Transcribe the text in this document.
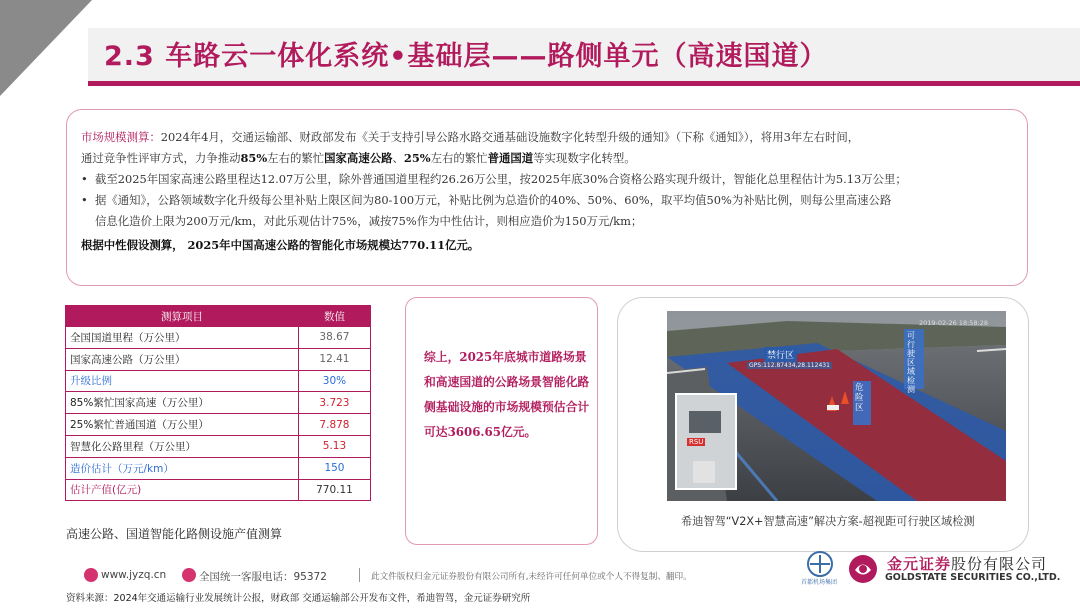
2.3 车路云一体化系统•基础层——路侧单元（高速国道）
市场规模测算：2024年4月，交通运输部、财政部发布《关于支持引导公路水路交通基础设施数字化转型升级的通知》（下称《通知》），将用3年左右时间，
通过竞争性评审方式，力争推动85%左右的繁忙国家高速公路、25%左右的繁忙普通国道等实现数字化转型。
• 截至2025年国家高速公路里程达12.07万公里，除外普通国道里程约26.26万公里，按2025年底30%合资格公路实现升级计，智能化总里程估计为5.13万公里；
• 据《通知》，公路领域数字化升级每公里补贴上限区间为80-100万元，补贴比例为总造价的40%、50%、60%，取平均值50%为补贴比例，则每公里高速公路
信息化造价上限为200万元/km，对此乐观估计75%，减按75%作为中性估计，则相应造价为150万元/km；
根据中性假设测算， 2025年中国高速公路的智能化市场规模达770.11亿元。
测算项目	数值
全国国道里程（万公里）	38.67
国家高速公路（万公里）	12.41
升级比例	30%
85%繁忙国家高速（万公里）	3.723
25%繁忙普通国道（万公里）	7.878
智慧化公路里程（万公里）	5.13
造价估计（万元/km）	150
估计产值(亿元)	770.11
高速公路、国道智能化路侧设施产值测算
综上，2025年底城市道路场景和高速国道的公路场景智能化路侧基础设施的市场规模预估合计可达3606.65亿元。
2019-02-26 18:58:28
GPS:112.87434,28.112431
禁行区
危险区
可行驶区域检测
RSU
希迪智驾“V2X+智慧高速”解决方案-超视距可行驶区域检测
www.jyzq.cn	全国统一客服电话：95372	此文件版权归金元证券股份有限公司所有,未经许可任何单位或个人不得复制、翻印。
资料来源：2024年交通运输行业发展统计公报，财政部 交通运输部公开发布文件，希迪智驾，金元证券研究所
首都机场集团
金元证券股份有限公司
GOLDSTATE SECURITIES CO.,LTD.
